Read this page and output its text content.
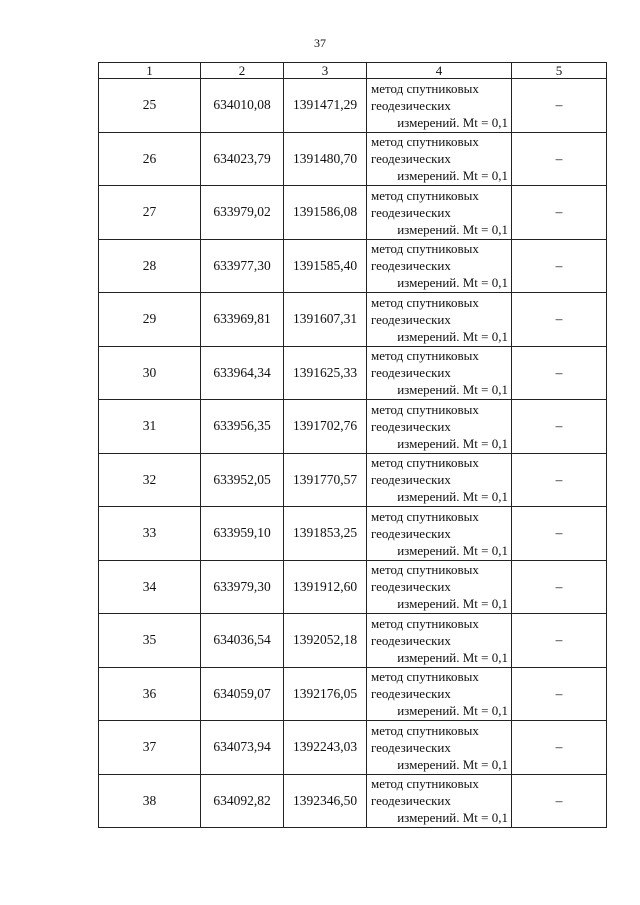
37
1	2	3	4	5
25	634010,08	1391471,29	метод спутниковых
геодезических
измерений. Mt = 0,1	–
26	634023,79	1391480,70	метод спутниковых
геодезических
измерений. Mt = 0,1	–
27	633979,02	1391586,08	метод спутниковых
геодезических
измерений. Mt = 0,1	–
28	633977,30	1391585,40	метод спутниковых
геодезических
измерений. Mt = 0,1	–
29	633969,81	1391607,31	метод спутниковых
геодезических
измерений. Mt = 0,1	–
30	633964,34	1391625,33	метод спутниковых
геодезических
измерений. Mt = 0,1	–
31	633956,35	1391702,76	метод спутниковых
геодезических
измерений. Mt = 0,1	–
32	633952,05	1391770,57	метод спутниковых
геодезических
измерений. Mt = 0,1	–
33	633959,10	1391853,25	метод спутниковых
геодезических
измерений. Mt = 0,1	–
34	633979,30	1391912,60	метод спутниковых
геодезических
измерений. Mt = 0,1	–
35	634036,54	1392052,18	метод спутниковых
геодезических
измерений. Mt = 0,1	–
36	634059,07	1392176,05	метод спутниковых
геодезических
измерений. Mt = 0,1	–
37	634073,94	1392243,03	метод спутниковых
геодезических
измерений. Mt = 0,1	–
38	634092,82	1392346,50	метод спутниковых
геодезических
измерений. Mt = 0,1	–
